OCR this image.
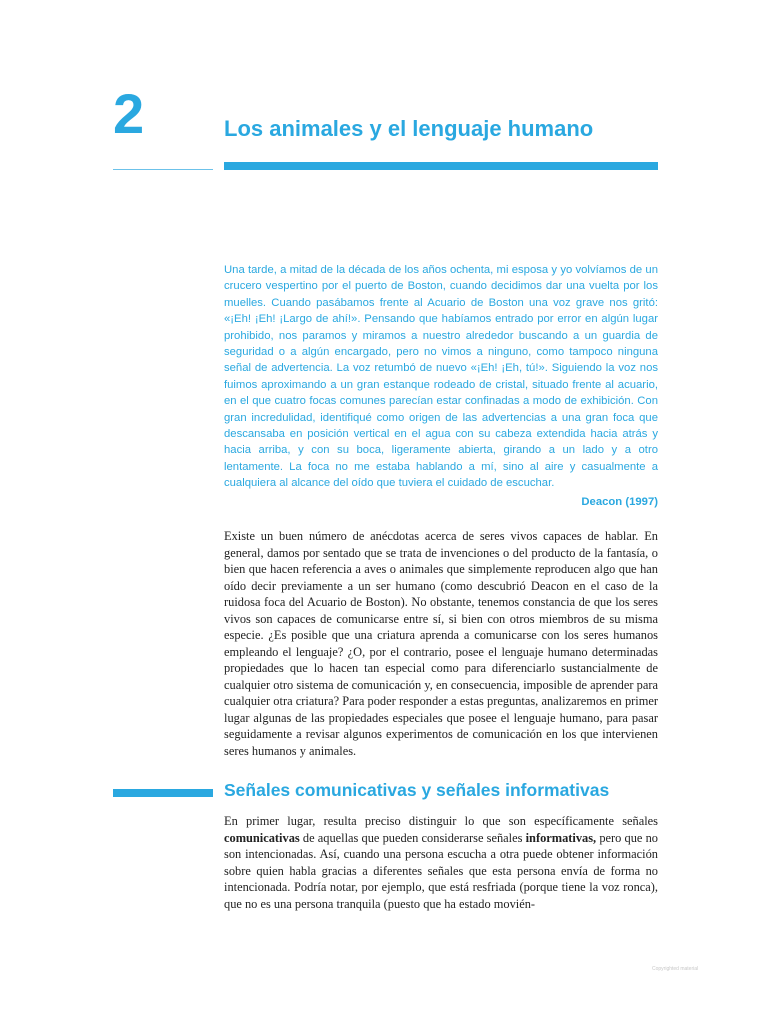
2	Los animales y el lenguaje humano

Una tarde, a mitad de la década de los años ochenta, mi esposa y yo volvíamos de un crucero vespertino por el puerto de Boston, cuando decidimos dar una vuelta por los muelles. Cuando pasábamos frente al Acuario de Boston una voz grave nos gritó: «¡Eh! ¡Eh! ¡Largo de ahí!». Pensando que habíamos entrado por error en algún lugar prohibido, nos paramos y miramos a nuestro alrededor buscando a un guardia de seguridad o a algún encargado, pero no vimos a ninguno, como tampoco ninguna señal de advertencia. La voz retumbó de nuevo «¡Eh! ¡Eh, tú!». Siguiendo la voz nos fuimos aproximando a un gran estanque rodeado de cristal, situado frente al acuario, en el que cuatro focas comunes parecían estar confinadas a modo de exhibición. Con gran incredulidad, identifiqué como origen de las advertencias a una gran foca que descansaba en posición vertical en el agua con su cabeza extendida hacia atrás y hacia arriba, y con su boca, ligeramente abierta, girando a un lado y a otro lentamente. La foca no me estaba hablando a mí, sino al aire y casualmente a cualquiera al alcance del oído que tuviera el cuidado de escuchar.

Deacon (1997)

Existe un buen número de anécdotas acerca de seres vivos capaces de hablar. En general, damos por sentado que se trata de invenciones o del producto de la fantasía, o bien que hacen referencia a aves o animales que simplemente reproducen algo que han oído decir previamente a un ser humano (como descubrió Deacon en el caso de la ruidosa foca del Acuario de Boston). No obstante, tenemos constancia de que los seres vivos son capaces de comunicarse entre sí, si bien con otros miembros de su misma especie. ¿Es posible que una criatura aprenda a comunicarse con los seres humanos empleando el lenguaje? ¿O, por el contrario, posee el lenguaje humano determinadas propiedades que lo hacen tan especial como para diferenciarlo sustancialmente de cualquier otro sistema de comunicación y, en consecuencia, imposible de aprender para cualquier otra criatura? Para poder responder a estas preguntas, analizaremos en primer lugar algunas de las propiedades especiales que posee el lenguaje humano, para pasar seguidamente a revisar algunos experimentos de comunicación en los que intervienen seres humanos y animales.

Señales comunicativas y señales informativas

En primer lugar, resulta preciso distinguir lo que son específicamente señales comunicativas de aquellas que pueden considerarse señales informativas, pero que no son intencionadas. Así, cuando una persona escucha a otra puede obtener información sobre quien habla gracias a diferentes señales que esta persona envía de forma no intencionada. Podría notar, por ejemplo, que está resfriada (porque tiene la voz ronca), que no es una persona tranquila (puesto que ha estado movién-

Copyrighted material
